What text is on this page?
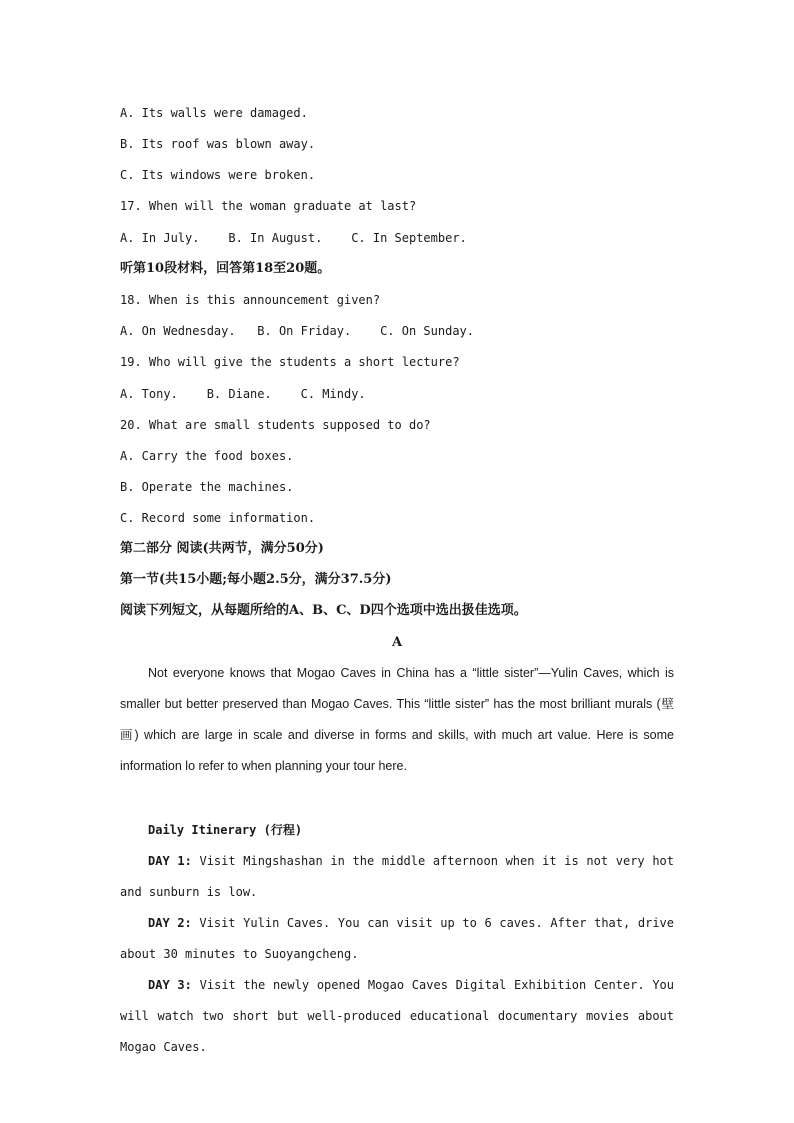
A. Its walls were damaged.
B. Its roof was blown away.
C. Its windows were broken.
17. When will the woman graduate at last?
A. In July.    B. In August.    C. In September.
听第10段材料，回答第18至20题。
18. When is this announcement given?
A. On Wednesday.   B. On Friday.    C. On Sunday.
19. Who will give the students a short lecture?
A. Tony.    B. Diane.    C. Mindy.
20. What are small students supposed to do?
A. Carry the food boxes.
B. Operate the machines.
C. Record some information.
第二部分 阅读(共两节，满分50分)
第一节(共15小题;每小题2.5分，满分37.5分)
阅读下列短文，从每题所给的A、B、C、D四个选项中选出扱佳选项。
A
Not everyone knows that Mogao Caves in China has a “little sister”—Yulin Caves, which is smaller but better preserved than Mogao Caves. This “little sister” has the most brilliant murals (壁画) which are large in scale and diverse in forms and skills, with much art value. Here is some information lo refer to when planning your tour here.
Daily Itinerary (行程)
DAY 1: Visit Mingshashan in the middle afternoon when it is not very hot and sunburn is low.
DAY 2: Visit Yulin Caves. You can visit up to 6 caves. After that, drive about 30 minutes to Suoyangcheng.
DAY 3: Visit the newly opened Mogao Caves Digital Exhibition Center. You will watch two short but well-produced educational documentary movies about Mogao Caves.
